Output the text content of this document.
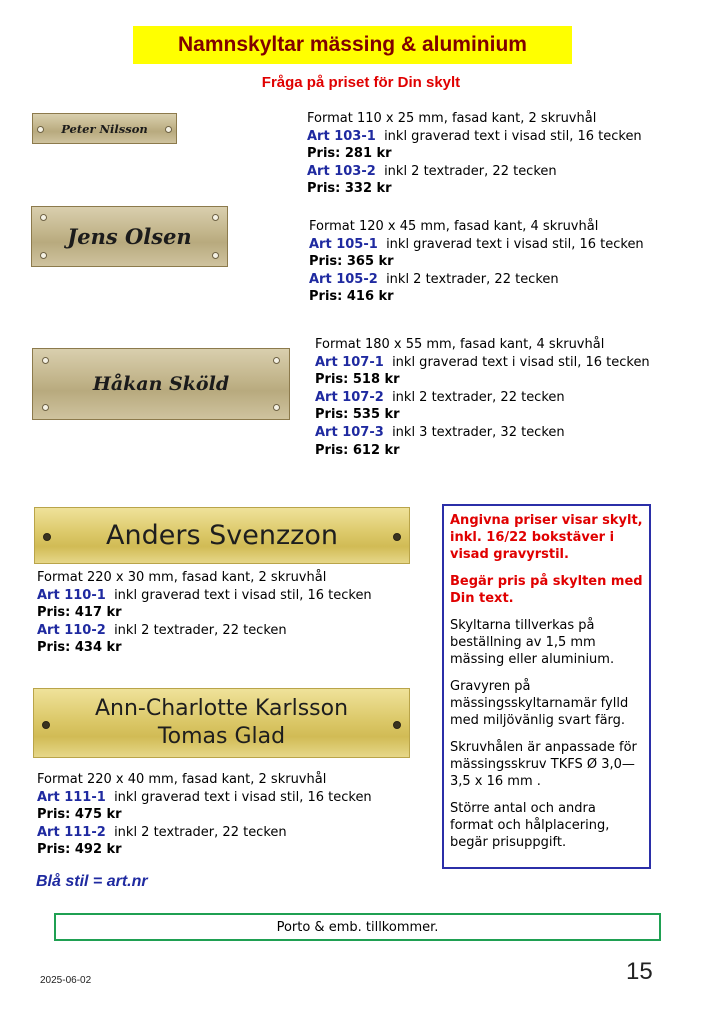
Namnskyltar mässing & aluminium
Fråga på priset för Din skylt
Peter Nilsson
Format 110 x 25 mm, fasad kant, 2 skruvhål
Art 103-1 inkl graverad text i visad stil, 16 tecken
Pris: 281 kr
Art 103-2 inkl 2 textrader, 22 tecken
Pris: 332 kr
Jens Olsen	Format 120 x 45 mm, fasad kant, 4 skruvhål
Art 105-1 inkl graverad text i visad stil, 16 tecken
Pris: 365 kr
Art 105-2 inkl 2 textrader, 22 tecken
Pris: 416 kr
Håkan Sköld
Format 180 x 55 mm, fasad kant, 4 skruvhål
Art 107-1 inkl graverad text i visad stil, 16 tecken
Pris: 518 kr
Art 107-2 inkl 2 textrader, 22 tecken
Pris: 535 kr
Art 107-3 inkl 3 textrader, 32 tecken
Pris: 612 kr
Anders Svenzzon
Format 220 x 30 mm, fasad kant, 2 skruvhål
Art 110-1 inkl graverad text i visad stil, 16 tecken
Pris: 417 kr
Art 110-2 inkl 2 textrader, 22 tecken
Pris: 434 kr
Ann-Charlotte Karlsson
Tomas Glad
Format 220 x 40 mm, fasad kant, 2 skruvhål
Art 111-1 inkl graverad text i visad stil, 16 tecken
Pris: 475 kr
Art 111-2 inkl 2 textrader, 22 tecken
Pris: 492 kr

Angivna priser visar skylt, inkl. 16/22 bokstäver i visad gravyrstil.

Begär pris på skylten med Din text.

Skyltarna tillverkas på beställning av 1,5 mm mässing eller aluminium.

Gravyren på mässingsskyltarnamär fylld med miljövänlig svart färg.

Skruvhålen är anpassade för mässingsskruv TKFS Ø 3,0—3,5 x 16 mm .

Större antal och andra format och hålplacering, begär prisuppgift.

Blå stil = art.nr
Porto & emb. tillkommer.
2025-06-02	15
